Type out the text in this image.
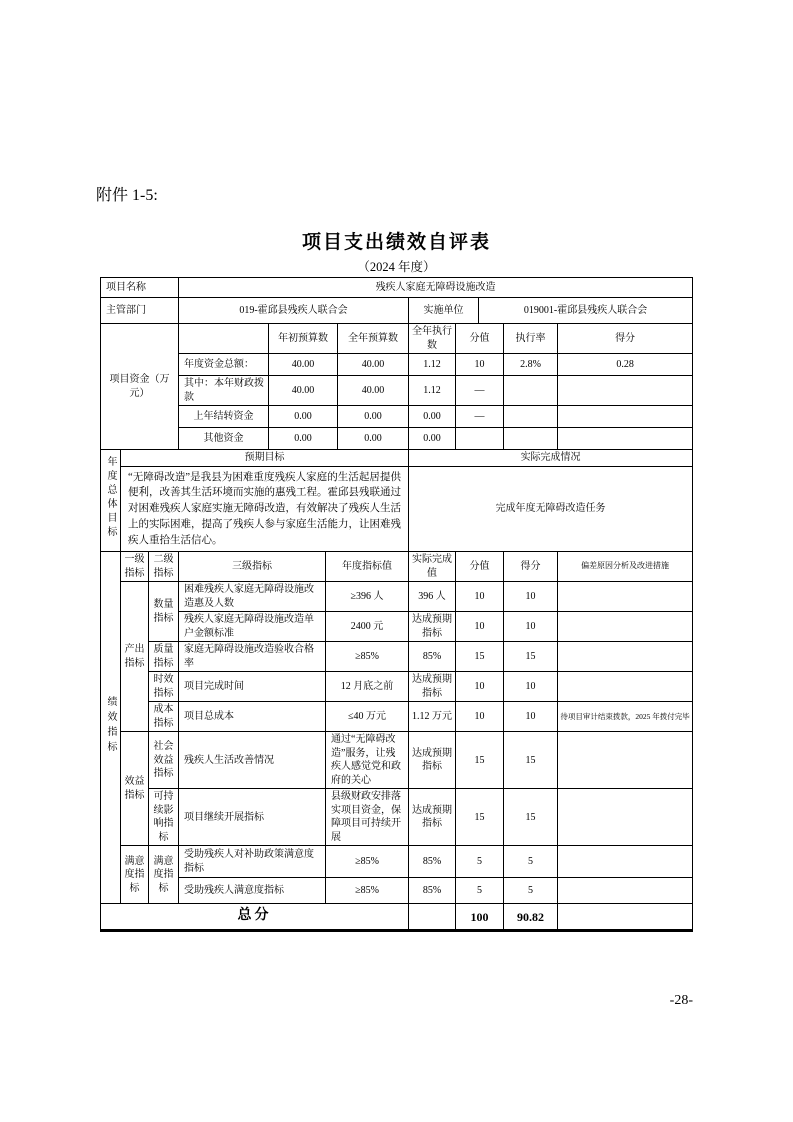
附件 1-5:
项目支出绩效自评表
（2024 年度）
项目名称			残疾人家庭无障碍设施改造								
主管部门			019-霍邱县残疾人联合会				实施单位		019001-霍邱县残疾人联合会		
项目资金（万元）				年初预算数		全年预算数	全年执行数	分值		执行率	得分
			年度资金总额：	40.00		40.00	1.12	10		2.8%	0.28
			其中：本年财政拨款	40.00		40.00	1.12	—			
			上年结转资金	0.00		0.00	0.00	—			
			其他资金	0.00		0.00	0.00				
年度总体目标	预期目标						实际完成情况				
	“无障碍改造”是我县为困难重度残疾人家庭的生活起居提供便利，改善其生活环境而实施的惠残工程。霍邱县残联通过对困难残疾人家庭实施无障碍改造，有效解决了残疾人生活上的实际困难，提高了残疾人参与家庭生活能力，让困难残疾人重拾生活信心。						完成年度无障碍改造任务				
绩效指标	一级指标	二级指标	三级指标		年度指标值		实际完成值	分值		得分	偏差原因分析及改进措施
	产出指标	数量指标	困难残疾人家庭无障碍设施改造惠及人数		≥396 人		396 人	10		10	
			残疾人家庭无障碍设施改造单户金额标准		2400 元		达成预期指标	10		10	
		质量指标	家庭无障碍设施改造验收合格率		≥85%		85%	15		15	
		时效指标	项目完成时间		12 月底之前		达成预期指标	10		10	
		成本指标	项目总成本		≤40 万元		1.12 万元	10		10	待项目审计结束拨款，2025 年拨付完毕
	效益指标	社会效益指标	残疾人生活改善情况		通过“无障碍改造”服务，让残疾人感觉党和政府的关心		达成预期指标	15		15	
		可持续影响指标	项目继续开展指标		县级财政安排落实项目资金，保障项目可持续开展		达成预期指标	15		15	
	满意度指标	满意度指标	受助残疾人对补助政策满意度指标		≥85%		85%	5		5	
			受助残疾人满意度指标		≥85%		85%	5		5	
总分								100		90.82	
-28-
